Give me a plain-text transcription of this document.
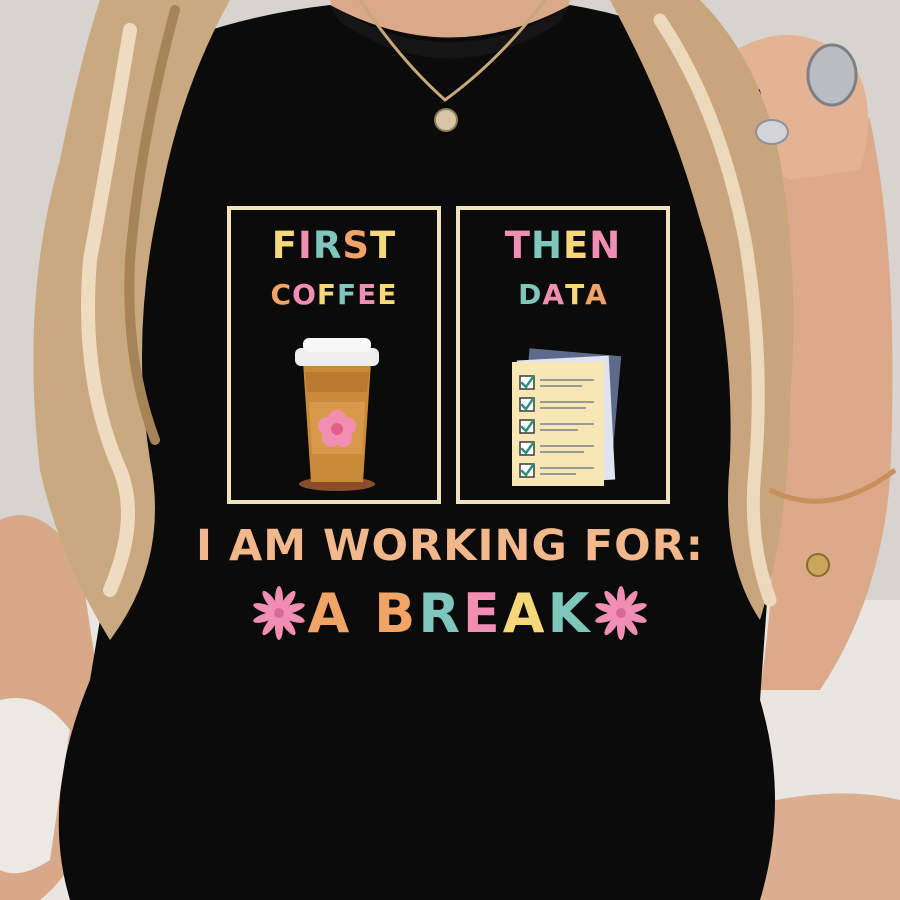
FIRST
COFFEE
THEN
DATA
I AM WORKING FOR:
A BREAK
